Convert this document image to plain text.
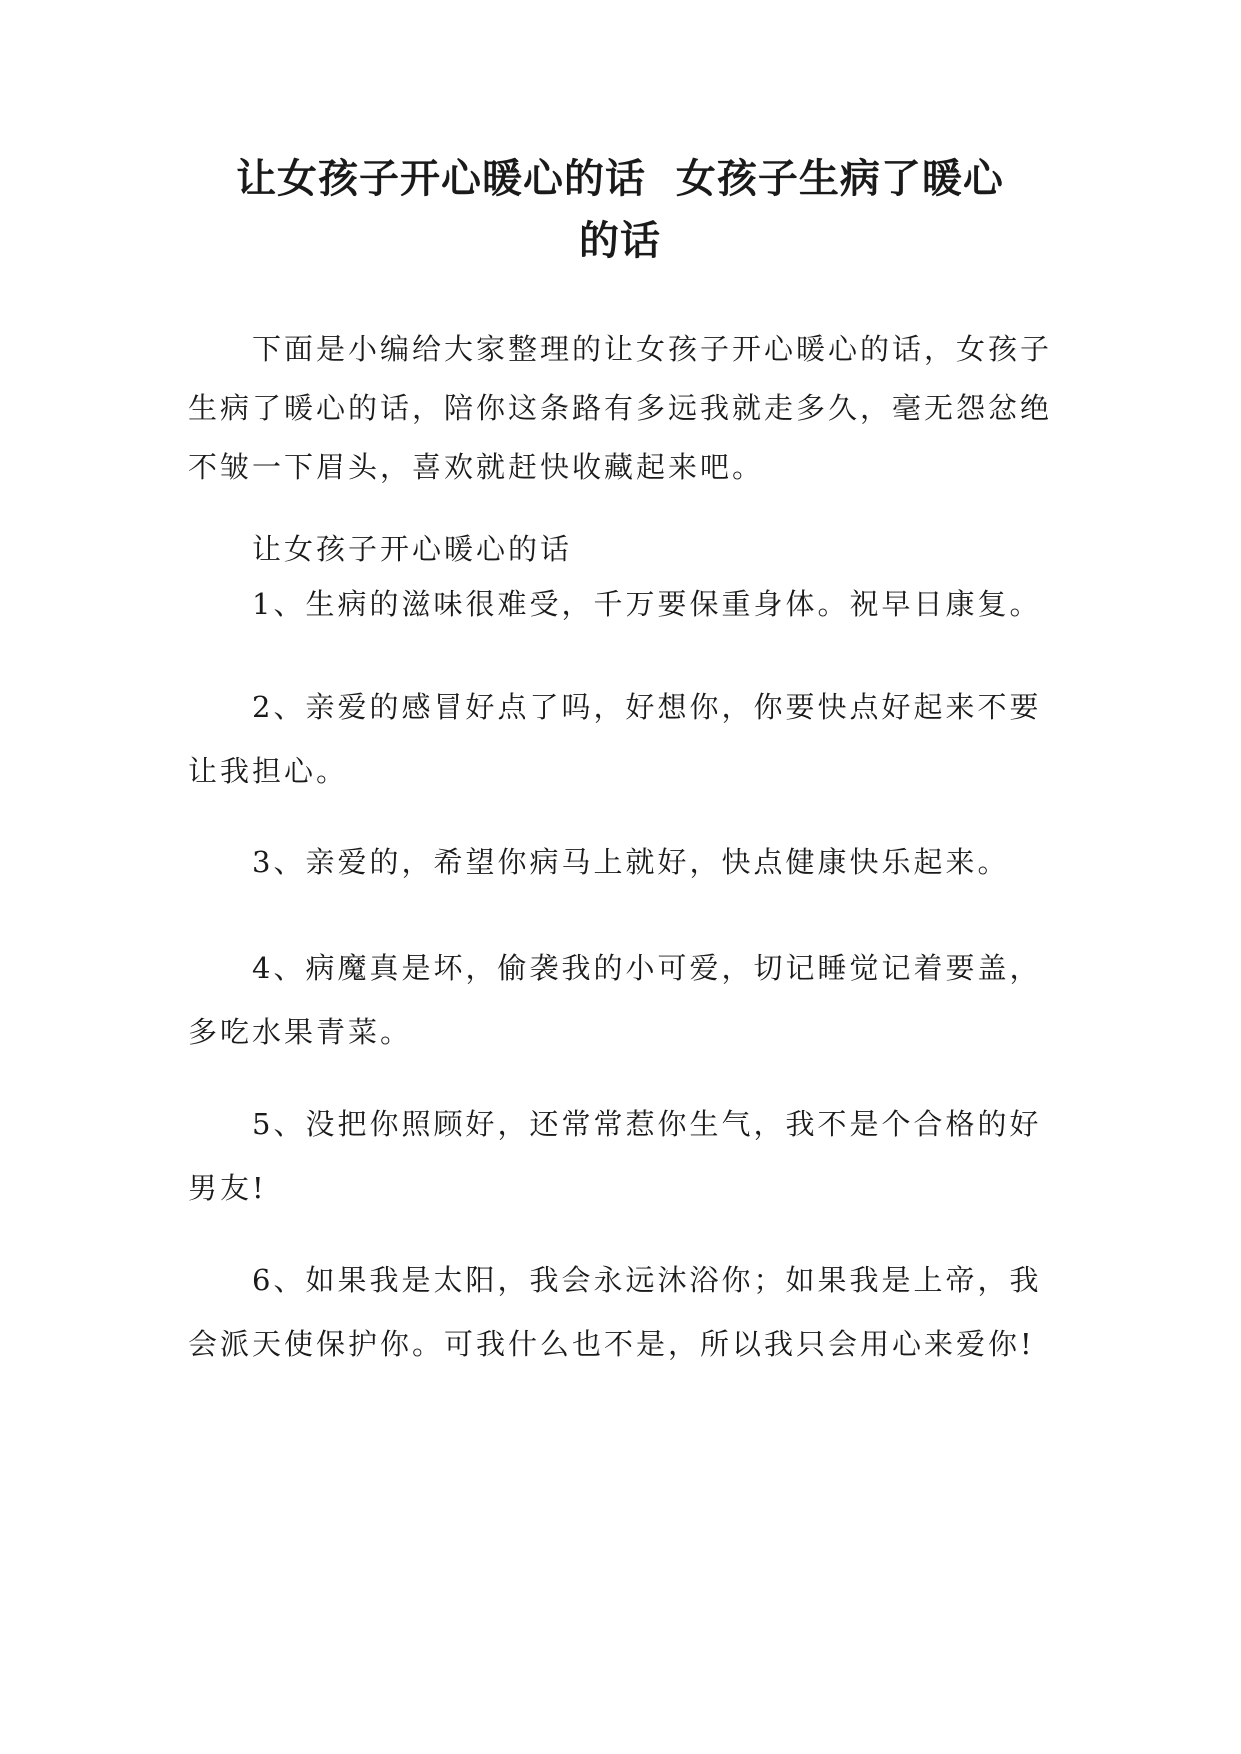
让女孩子开心暖心的话  女孩子生病了暖心
的话

下面是小编给大家整理的让女孩子开心暖心的话，女孩子生病了暖心的话，陪你这条路有多远我就走多久，毫无怨忿绝不皱一下眉头，喜欢就赶快收藏起来吧。

让女孩子开心暖心的话

1、生病的滋味很难受，千万要保重身体。祝早日康复。

2、亲爱的感冒好点了吗，好想你，你要快点好起来不要让我担心。

3、亲爱的，希望你病马上就好，快点健康快乐起来。

4、病魔真是坏，偷袭我的小可爱，切记睡觉记着要盖，多吃水果青菜。

5、没把你照顾好，还常常惹你生气，我不是个合格的好男友!

6、如果我是太阳，我会永远沐浴你；如果我是上帝，我会派天使保护你。可我什么也不是，所以我只会用心来爱你!
